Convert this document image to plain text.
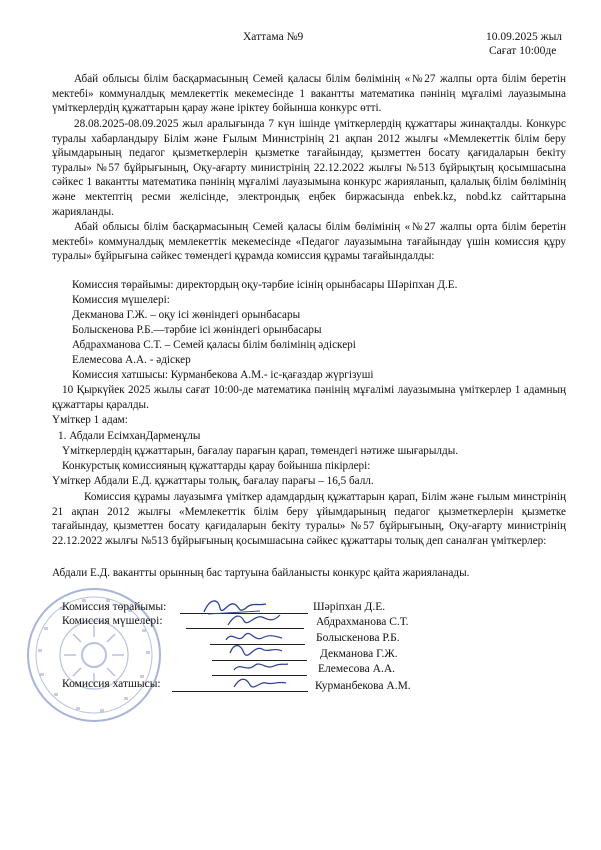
Хаттама №9	10.09.2025 жыл
Сағат 10:00де
Абай облысы білім басқармасының Семей қаласы білім бөлімінің «№27 жалпы орта білім беретін мектебі» коммуналдық мемлекеттік мекемесінде 1 вакантты математика пәнінің мұғалімі лауазымына үміткерлердің құжаттарын қарау және іріктеу бойынша конкурс өтті.
28.08.2025-08.09.2025 жыл аралығында 7 күн ішінде үміткерлердің құжаттары жинақталды. Конкурс туралы хабарландыру Білім және Ғылым Министрінің 21 ақпан 2012 жылғы «Мемлекеттік білім беру ұйымдарының педагог қызметкерлерін қызметке тағайындау, қызметтен босату қағидаларын бекіту туралы» №57 бұйрығының, Оқу-ағарту министрінің 22.12.2022 жылғы №513 бұйрықтың қосымшасына сәйкес 1 вакантты математика пәнінің мұғалімі лауазымына конкурс жарияланып, қалалық білім бөлімінің және мектептің ресми желісінде, электрондық еңбек биржасында enbek.kz, nobd.kz сайттарына жарияланды.
Абай облысы білім басқармасының Семей қаласы білім бөлімінің «№27 жалпы орта білім беретін мектебі» коммуналдық мемлекеттік мекемесінде «Педагог лауазымына тағайындау үшін комиссия құру туралы» бұйрығына сәйкес төмендегі құрамда комиссия құрамы тағайындалды:
Комиссия төрайымы: директордың оқу-тәрбие ісінің орынбасары Шәріпхан Д.Е.
Комиссия мүшелері:
Декманова Г.Ж. – оқу ісі жөніндегі орынбасары
Болыскенова Р.Б.—тәрбие ісі жөніндегі орынбасары
Абдрахманова С.Т. – Семей қаласы білім бөлімінің әдіскері
Елемесова А.А. - әдіскер
Комиссия хатшысы: Курманбекова А.М.- іс-қағаздар жүргізуші
10 Қыркүйек 2025 жылы сағат 10:00-де математика пәнінің мұғалімі лауазымына үміткерлер 1 адамның құжаттары қаралды.
Үміткер 1 адам:
1. Абдали ЕсімханДарменұлы
Үміткерлердің құжаттарын, бағалау парағын қарап, төмендегі нәтиже шығарылды.
Конкурстық комиссияның құжаттарды қарау бойынша пікірлері:
Үміткер Абдали Е.Д. құжаттары толық, бағалау парағы – 16,5 балл.
Комиссия құрамы лауазымға үміткер адамдардың құжаттарын қарап, Білім және ғылым минстрінің 21 ақпан 2012 жылғы «Мемлекеттік білім беру ұйымдарының педагог қызметкерлерін қызметке тағайындау, қызметтен босату қағидаларын бекіту туралы» №57 бұйрығының, Оқу-ағарту министрінің 22.12.2022 жылғы №513 бұйрығының қосымшасына сәйкес құжаттары толық деп саналған үміткерлер:
Абдали Е.Д. вакантты орынның бас тартуына байланысты конкурс қайта жарияланады.
Комиссия төрайымы:	Шәріпхан Д.Е.
Комиссия мүшелері:	Абдрахманова С.Т.
Болыскенова Р.Б.
Декманова Г.Ж.
Елемесова А.А.
Комиссия хатшысы:	Курманбекова А.М.
